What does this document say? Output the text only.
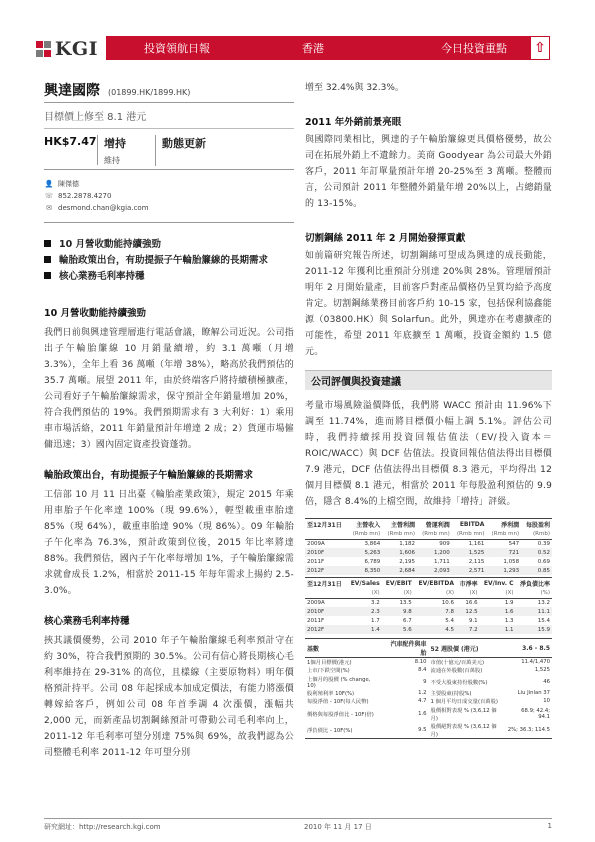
KGI	投資領航日報	香港	今日投資重點 ⇧
興達國際 (01899.HK/1899.HK)
目標價上修至 8.1 港元
HK$7.47 增持
維持
動態更新
👤 陳傑德
☏ 852.2878.4270
✉ desmond.chan@kgia.com
10 月營收動能持續強勁
輪胎政策出台，有助提振子午輪胎簾線的長期需求
核心業務毛利率持穩
10 月營收動能持續強勁
我們日前與興達管理層進行電話會議，瞭解公司近況。公司指出子午輪胎簾線 10 月銷量續增，約 3.1 萬噸（月增 3.3%），全年上看 36 萬噸（年增 38%），略高於我們預估的 35.7 萬噸。展望 2011 年，由於終端客戶將持續積極擴產，公司看好子午輪胎簾線需求，保守預計全年銷量增加 20%，符合我們預估的 19%。我們預期需求有 3 大利好：1）乘用車市場活絡，2011 年銷量預計年增達 2 成；2）貨運市場僱傭迅速；3）國內固定資產投資蓬勃。
輪胎政策出台，有助提振子午輪胎簾線的長期需求
工信部 10 月 11 日出臺《輪胎產業政策》，規定 2015 年乘用車胎子午化率達 100%（現 99.6%），輕型載重車胎達 85%（現 64%），載重車胎達 90%（現 86%）。09 年輪胎子午化率為 76.3%，預計政策到位後，2015 年比率將達 88%。我們預估，國內子午化率每增加 1%，子午輪胎簾線需求就會成長 1.2%，相當於 2011-15 年每年需求上揚約 2.5-3.0%。
核心業務毛利率持穩
挾其議價優勢，公司 2010 年子午輪胎簾線毛利率預計守在約 30%，符合我們預期的 30.5%。公司有信心將長期核心毛利率維持在 29-31% 的高位，且樣線（主要原物料）明年價格預計持平。公司 08 年起採成本加成定價法，有能力將漲價轉嫁給客戶，例如公司 08 年首季調 4 次漲價，漲幅共 2,000 元，而新產品切割鋼絲預計可帶動公司毛利率向上，2011-12 年毛利率可望分別達 75%與 69%，故我們認為公司整體毛利率 2011-12 年可望分別
增至 32.4%與 32.3%。
2011 年外銷前景亮眼
與國際同業相比，興達的子午輪胎簾線更具價格優勢，故公司在拓展外銷上不遺餘力。美商 Goodyear 為公司最大外銷客戶，2011 年訂單量預計年增 20-25%至 3 萬噸。整體而言，公司預計 2011 年整體外銷量年增 20%以上，占總銷量的 13-15%。
切割鋼絲 2011 年 2 月開始發揮貢獻
如前篇研究報告所述，切割鋼絲可望成為興達的成長動能，2011-12 年獲利比重預計分別達 20%與 28%。管理層預計明年 2 月開始量產，目前客戶對產品價格仍呈質均給予高度肯定。切割鋼絲業務目前客戶約 10-15 家，包括保利協鑫能源（03800.HK）與 Solarfun。此外，興達亦在考慮擴產的可能性，希望 2011 年底擴至 1 萬噸，投資金額約 1.5 億元。
公司評價與投資建議
考量市場風險溢價降低，我們將 WACC 預計由 11.96%下調至 11.74%，進而將目標價小幅上調 5.1%。評估公司時，我們持續採用投資回報估值法（EV/投入資本＝ROIC/WACC）與 DCF 估值法。投資回報估值法得出目標價 7.9 港元，DCF 估值法得出目標價 8.3 港元，平均得出 12 個月目標價 8.1 港元，相當於 2011 年每股盈利預估的 9.9 倍，隱含 8.4%的上檔空間，故維持「增持」評級。
至12月31日	主營收入	主營利潤	營運利潤	EBITDA	淨利潤	每股盈利
	(Rmb mn)	(Rmb mn)	(Rmb mn)	(Rmb mn)	(Rmb mn)	(Rmb)
2009A	3,864	1,182	909	1,161	547	0.39
2010F	5,263	1,606	1,200	1,525	721	0.52
2011F	6,789	2,195	1,711	2,115	1,058	0.69
2012F	8,350	2,684	2,093	2,571	1,293	0.85
至12月31日	EV/Sales	EV/EBIT	EV/EBITDA	市淨率	EV/Inv. C	淨負債比率
	(X)	(X)	(X)	(X)	(X)	(%)
2009A	3.2	13.5	10.6	16.6	1.9	13.2
2010F	2.3	9.8	7.8	12.5	1.6	11.1
2011F	1.7	6.7	5.4	9.1	1.3	15.4
2012F	1.4	5.6	4.5	7.2	1.1	15.9
基數	汽車配件與車胎	52 週股價 (港元)	3.6 - 8.5
1個月目標價(港元)	8.10	市值(十億元/百萬美元)	11.4/1,470
上市/下跌空間(%)	8.4	流通在外股數(百萬股)	1,525
上個月的股價 (% change, 10)	9	不受大股東持份股數(%)	46
股利殖利率 10F(%)	1.2	主要股東(持股%)	Liu Jinlan 37
每股淨值 - 10F(每人民幣)	4.7	1 個月平均日成交量(百萬股)	10
價格與每股淨值比 - 10F(倍)	1.6	股價相對表現 % (3,6,12 個月)	68.9; 42.4; 94.1
淨負債比 - 10F(%)	9.5	股價絕對表現 % (3,6,12 個月)	2%; 36.3; 114.5
研究網址：http://research.kgi.com	2010 年 11 月 17 日	1
